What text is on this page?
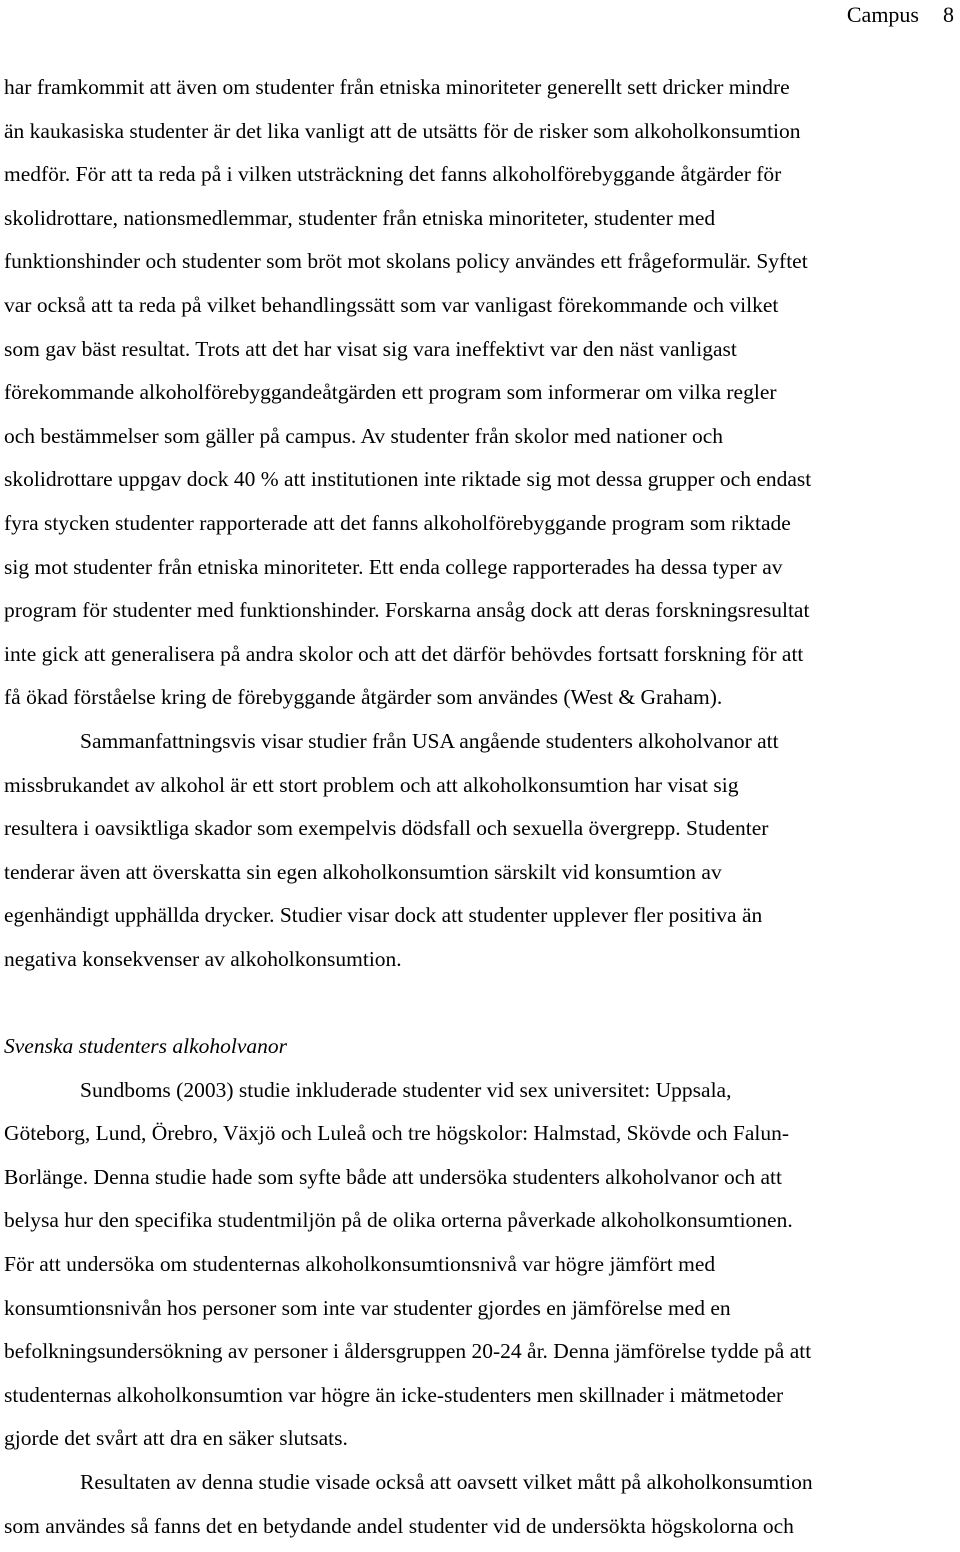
Campus 8
har framkommit att även om studenter från etniska minoriteter generellt sett dricker mindre
än kaukasiska studenter är det lika vanligt att de utsätts för de risker som alkoholkonsumtion
medför. För att ta reda på i vilken utsträckning det fanns alkoholförebyggande åtgärder för
skolidrottare, nationsmedlemmar, studenter från etniska minoriteter, studenter med
funktionshinder och studenter som bröt mot skolans policy användes ett frågeformulär. Syftet
var också att ta reda på vilket behandlingssätt som var vanligast förekommande och vilket
som gav bäst resultat. Trots att det har visat sig vara ineffektivt var den näst vanligast
förekommande alkoholförebyggandeåtgärden ett program som informerar om vilka regler
och bestämmelser som gäller på campus. Av studenter från skolor med nationer och
skolidrottare uppgav dock 40 % att institutionen inte riktade sig mot dessa grupper och endast
fyra stycken studenter rapporterade att det fanns alkoholförebyggande program som riktade
sig mot studenter från etniska minoriteter. Ett enda college rapporterades ha dessa typer av
program för studenter med funktionshinder. Forskarna ansåg dock att deras forskningsresultat
inte gick att generalisera på andra skolor och att det därför behövdes fortsatt forskning för att
få ökad förståelse kring de förebyggande åtgärder som användes (West & Graham).
Sammanfattningsvis visar studier från USA angående studenters alkoholvanor att
missbrukandet av alkohol är ett stort problem och att alkoholkonsumtion har visat sig
resultera i oavsiktliga skador som exempelvis dödsfall och sexuella övergrepp. Studenter
tenderar även att överskatta sin egen alkoholkonsumtion särskilt vid konsumtion av
egenhändigt upphällda drycker. Studier visar dock att studenter upplever fler positiva än
negativa konsekvenser av alkoholkonsumtion.
Svenska studenters alkoholvanor
Sundboms (2003) studie inkluderade studenter vid sex universitet: Uppsala,
Göteborg, Lund, Örebro, Växjö och Luleå och tre högskolor: Halmstad, Skövde och Falun-
Borlänge. Denna studie hade som syfte både att undersöka studenters alkoholvanor och att
belysa hur den specifika studentmiljön på de olika orterna påverkade alkoholkonsumtionen.
För att undersöka om studenternas alkoholkonsumtionsnivå var högre jämfört med
konsumtionsnivån hos personer som inte var studenter gjordes en jämförelse med en
befolkningsundersökning av personer i åldersgruppen 20-24 år. Denna jämförelse tydde på att
studenternas alkoholkonsumtion var högre än icke-studenters men skillnader i mätmetoder
gjorde det svårt att dra en säker slutsats.
Resultaten av denna studie visade också att oavsett vilket mått på alkoholkonsumtion
som användes så fanns det en betydande andel studenter vid de undersökta högskolorna och
